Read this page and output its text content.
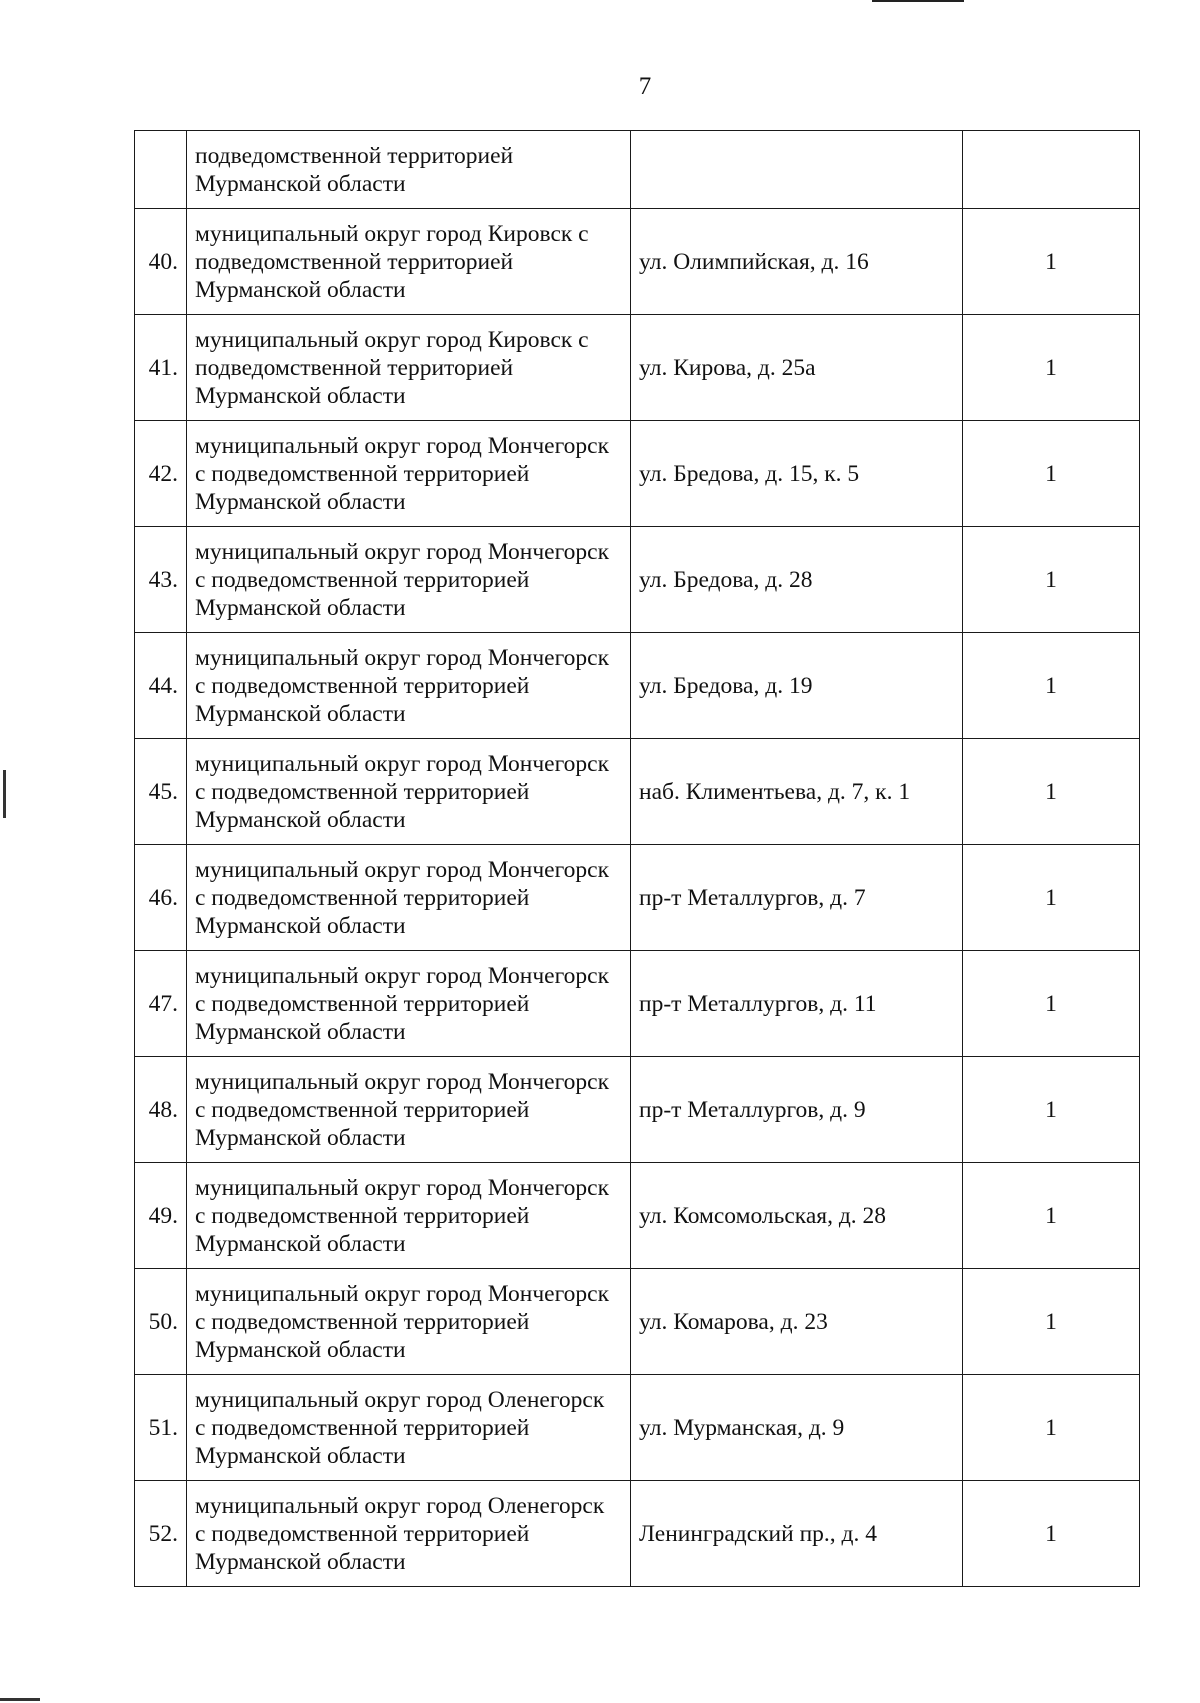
7

	подведомственной территорией
Мурманской области		

40.	муниципальный округ город Кировск с
подведомственной территорией
Мурманской области	ул. Олимпийская, д. 16	1
41.	муниципальный округ город Кировск с
подведомственной территорией
Мурманской области	ул. Кирова, д. 25а	1
42.	муниципальный округ город Мончегорск
с подведомственной территорией
Мурманской области	ул. Бредова, д. 15, к. 5	1
43.	муниципальный округ город Мончегорск
с подведомственной территорией
Мурманской области	ул. Бредова, д. 28	1
44.	муниципальный округ город Мончегорск
с подведомственной территорией
Мурманской области	ул. Бредова, д. 19	1
45.	муниципальный округ город Мончегорск
с подведомственной территорией
Мурманской области	наб. Климентьева, д. 7, к. 1	1
46.	муниципальный округ город Мончегорск
с подведомственной территорией
Мурманской области	пр-т Металлургов, д. 7	1
47.	муниципальный округ город Мончегорск
с подведомственной территорией
Мурманской области	пр-т Металлургов, д. 11	1
48.	муниципальный округ город Мончегорск
с подведомственной территорией
Мурманской области	пр-т Металлургов, д. 9	1
49.	муниципальный округ город Мончегорск
с подведомственной территорией
Мурманской области	ул. Комсомольская, д. 28	1
50.	муниципальный округ город Мончегорск
с подведомственной территорией
Мурманской области	ул. Комарова, д. 23	1
51.	муниципальный округ город Оленегорск
с подведомственной территорией
Мурманской области	ул. Мурманская, д. 9	1
52.	муниципальный округ город Оленегорск
с подведомственной территорией
Мурманской области	Ленинградский пр., д. 4	1
